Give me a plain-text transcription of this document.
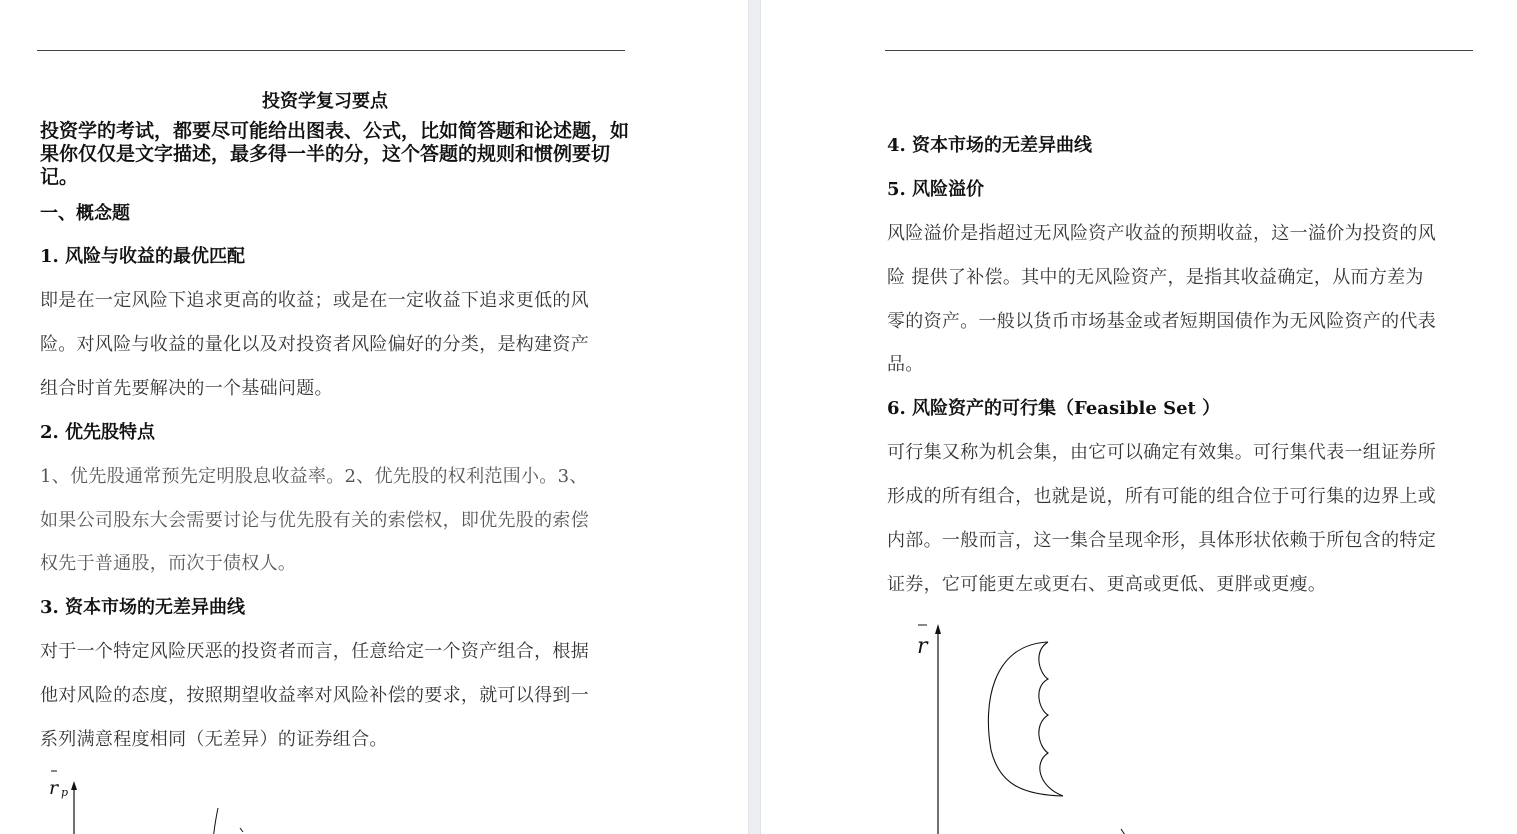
投资学复习要点
投资学的考试，都要尽可能给出图表、公式，比如简答题和论述题，如果你仅仅是文字描述，最多得一半的分，这个答题的规则和惯例要切记。
一、概念题
1. 风险与收益的最优匹配
即是在一定风险下追求更高的收益；或是在一定收益下追求更低的风
险。对风险与收益的量化以及对投资者风险偏好的分类，是构建资产
组合时首先要解决的一个基础问题。
2. 优先股特点
1、优先股通常预先定明股息收益率。2、优先股的权利范围小。3、
如果公司股东大会需要讨论与优先股有关的索偿权，即优先股的索偿
权先于普通股，而次于债权人。
3. 资本市场的无差异曲线
对于一个特定风险厌恶的投资者而言，任意给定一个资产组合，根据
他对风险的态度，按照期望收益率对风险补偿的要求，就可以得到一
系列满意程度相同（无差异）的证券组合。
r p
4. 资本市场的无差异曲线
5. 风险溢价
风险溢价是指超过无风险资产收益的预期收益，这一溢价为投资的风
险 提供了补偿。其中的无风险资产，是指其收益确定，从而方差为
零的资产。一般以货币市场基金或者短期国债作为无风险资产的代表
品。
6. 风险资产的可行集（Feasible Set ）
可行集又称为机会集，由它可以确定有效集。可行集代表一组证券所
形成的所有组合，也就是说，所有可能的组合位于可行集的边界上或
内部。一般而言，这一集合呈现伞形，具体形状依赖于所包含的特定
证券，它可能更左或更右、更高或更低、更胖或更瘦。
r
